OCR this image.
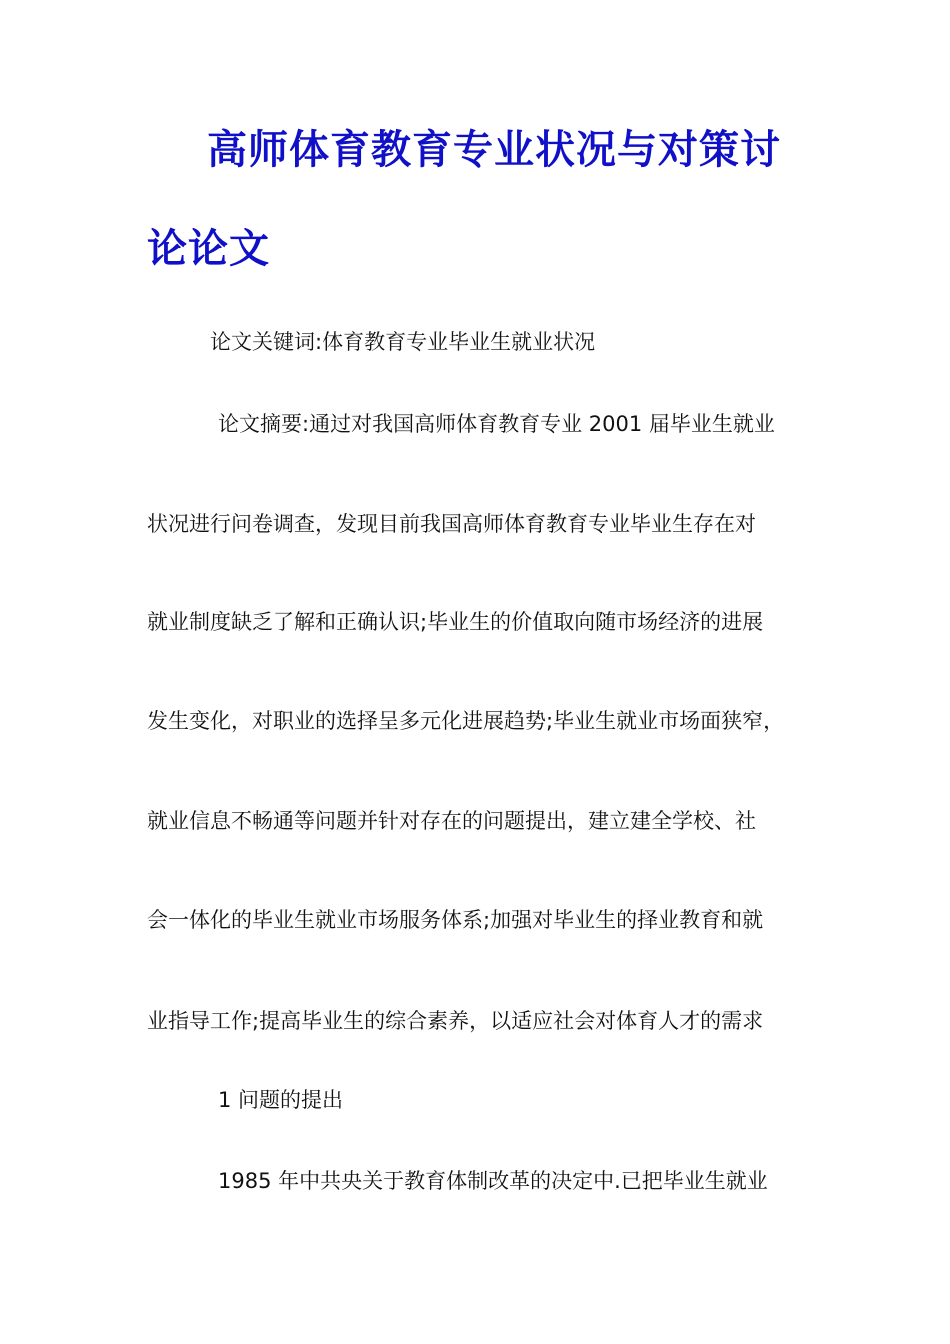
高师体育教育专业状况与对策讨
论论文
论文关键词:体育教育专业毕业生就业状况
论文摘要:通过对我国高师体育教育专业 2001 届毕业生就业
状况进行问卷调查，发现目前我国高师体育教育专业毕业生存在对
就业制度缺乏了解和正确认识;毕业生的价值取向随市场经济的进展
发生变化，对职业的选择呈多元化进展趋势;毕业生就业市场面狭窄，
就业信息不畅通等问题并针对存在的问题提出，建立建全学校、社
会一体化的毕业生就业市场服务体系;加强对毕业生的择业教育和就
业指导工作;提高毕业生的综合素养，以适应社会对体育人才的需求
1 问题的提出
1985 年中共央关于教育体制改革的决定中.已把毕业生就业
